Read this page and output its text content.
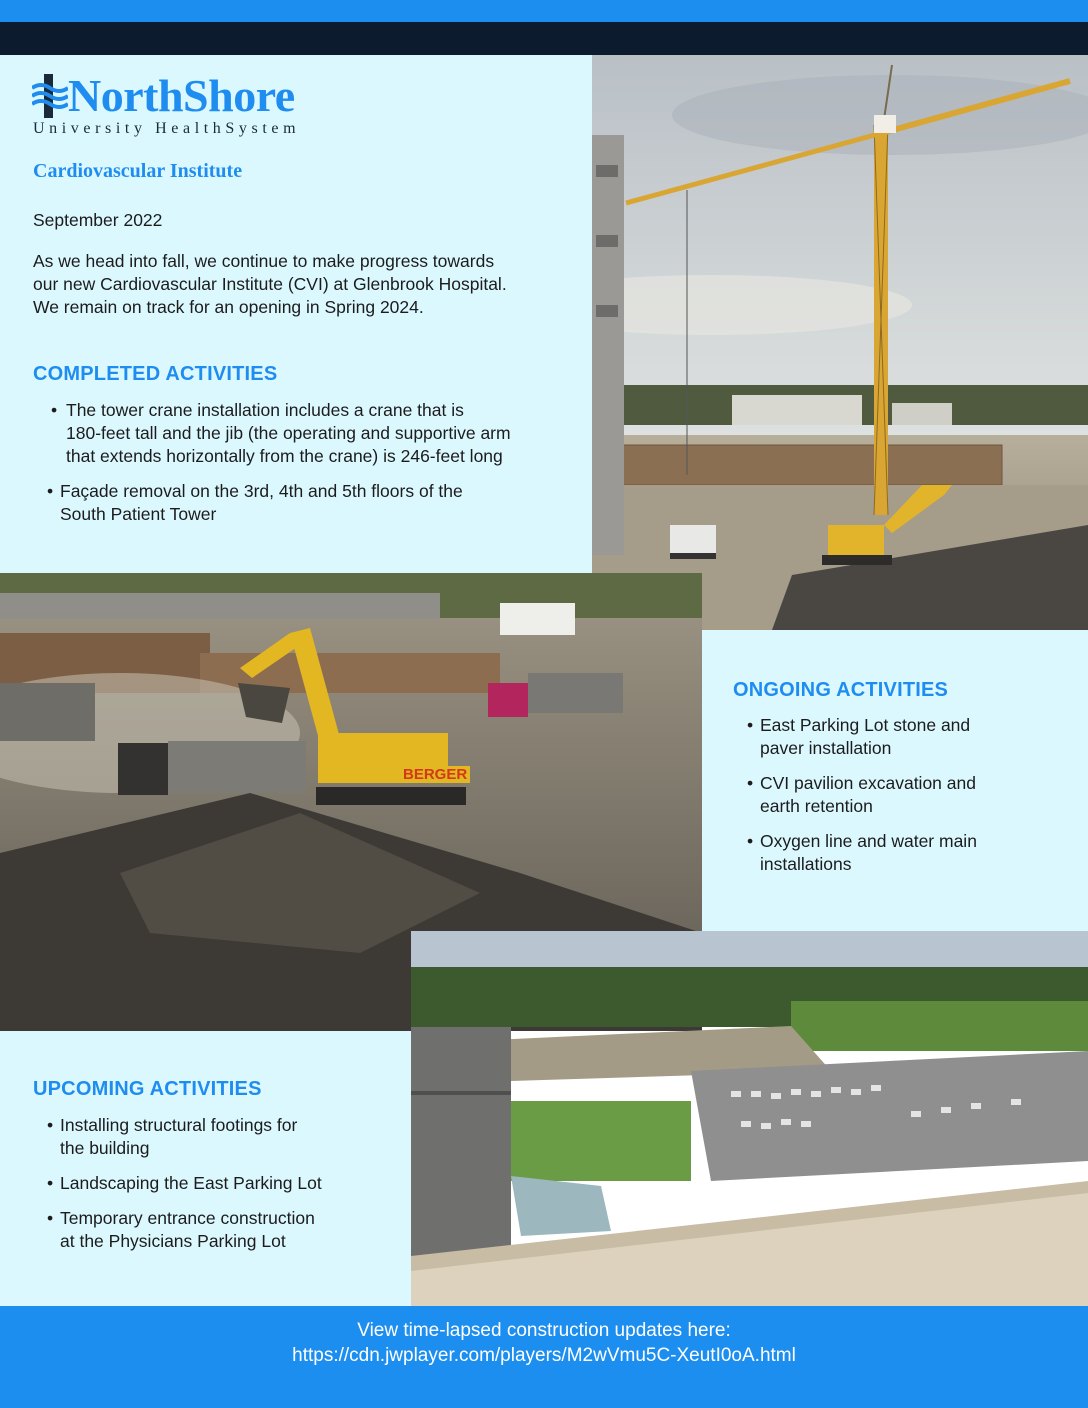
NorthShore
University HealthSystem
Cardiovascular Institute
September 2022
As we head into fall, we continue to make progress towards
our new Cardiovascular Institute (CVI) at Glenbrook Hospital.
We remain on track for an opening in Spring 2024.
COMPLETED ACTIVITIES
• The tower crane installation includes a crane that is
180-feet tall and the jib (the operating and supportive arm
that extends horizontally from the crane) is 246-feet long
• Façade removal on the 3rd, 4th and 5th floors of the
South Patient Tower
ONGOING ACTIVITIES
• East Parking Lot stone and
paver installation
• CVI pavilion excavation and
earth retention
• Oxygen line and water main
installations
UPCOMING ACTIVITIES
• Installing structural footings for
the building
• Landscaping the East Parking Lot
• Temporary entrance construction
at the Physicians Parking Lot
BERGER
View time-lapsed construction updates here:
https://cdn.jwplayer.com/players/M2wVmu5C-XeutI0oA.html
